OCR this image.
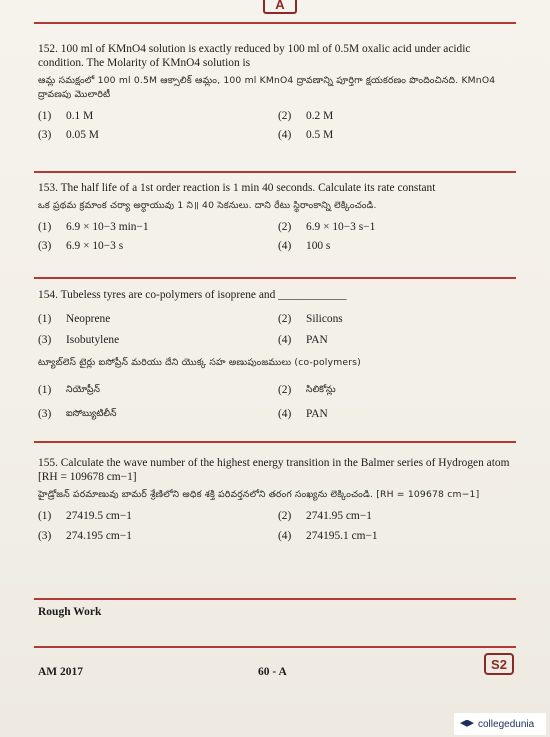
A
152. 100 ml of KMnO4 solution is exactly reduced by 100 ml of 0.5M oxalic acid under acidic condition. The Molarity of KMnO4 solution is
ఆమ్ల సమక్షంలో 100 ml 0.5M ఆక్సాలిక్ ఆమ్లం, 100 ml KMnO4 ద్రావణాన్ని పూర్తిగా క్షయకరణం పొందించినది. KMnO4 ద్రావణపు మొలారిటీ
(1)	0.1 M	(2)	0.2 M
(3)	0.05 M	(4)	0.5 M
153. The half life of a 1st order reaction is 1 min 40 seconds. Calculate its rate constant
ఒక ప్రథమ క్రమాంక చర్యా అర్ధాయువు 1 ని॥ 40 సెకనులు. దాని రేటు స్థిరాంకాన్ని లెక్కించండి.
(1)	6.9 × 10−3 min−1	(2)	6.9 × 10−3 s−1
(3)	6.9 × 10−3 s	(4)	100 s
154. Tubeless tyres are co-polymers of isoprene and ____________
(1)	Neoprene	(2)	Silicons
(3)	Isobutylene	(4)	PAN
ట్యూబ్‌లెస్ టైర్లు ఐసోప్రీన్ మరియు దేని యొక్క సహ అణుపుంజములు (co-polymers)
(1)	నియోప్రీన్	(2)	సిలికోన్లు
(3)	ఐసోబ్యుటిలీన్	(4)	PAN
155. Calculate the wave number of the highest energy transition in the Balmer series of Hydrogen atom [RH = 109678 cm−1]
హైడ్రోజన్ పరమాణువు బామర్ శ్రేణిలోని అధిక శక్తి పరివర్తనలోని తరంగ సంఖ్యను లెక్కించండి. [RH = 109678 cm−1]
(1)	27419.5 cm−1	(2)	2741.95 cm−1
(3)	274.195 cm−1	(4)	274195.1 cm−1
Rough Work
AM 2017	60 - A	S2
collegedunia
